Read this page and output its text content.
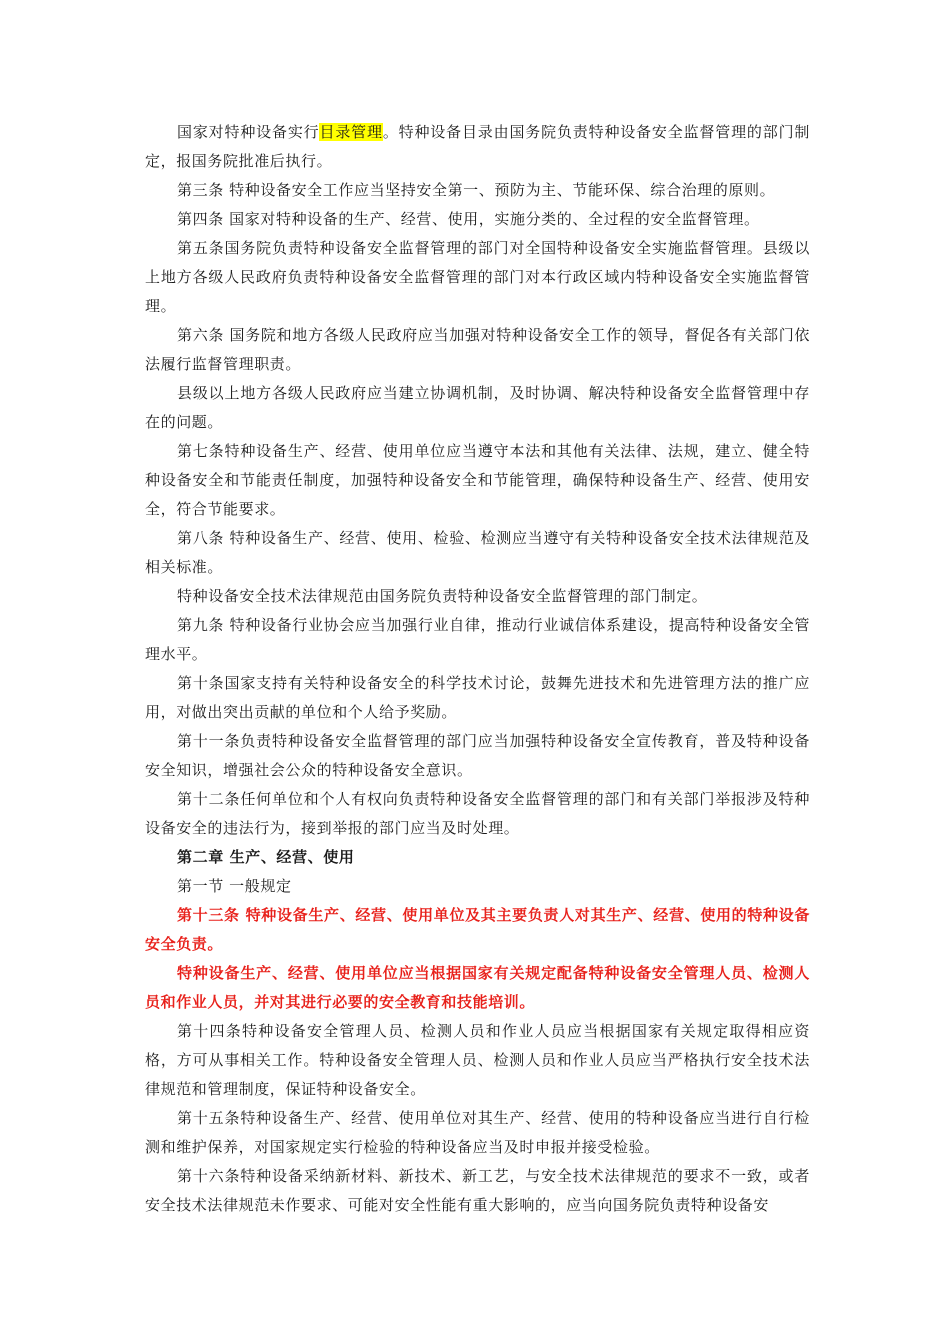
国家对特种设备实行目录管理。特种设备目录由国务院负责特种设备安全监督管理的部门制定，报国务院批准后执行。

第三条 特种设备安全工作应当坚持安全第一、预防为主、节能环保、综合治理的原则。

第四条 国家对特种设备的生产、经营、使用，实施分类的、全过程的安全监督管理。

第五条国务院负责特种设备安全监督管理的部门对全国特种设备安全实施监督管理。县级以上地方各级人民政府负责特种设备安全监督管理的部门对本行政区域内特种设备安全实施监督管理。

第六条 国务院和地方各级人民政府应当加强对特种设备安全工作的领导，督促各有关部门依法履行监督管理职责。

县级以上地方各级人民政府应当建立协调机制，及时协调、解决特种设备安全监督管理中存在的问题。

第七条特种设备生产、经营、使用单位应当遵守本法和其他有关法律、法规，建立、健全特种设备安全和节能责任制度，加强特种设备安全和节能管理，确保特种设备生产、经营、使用安全，符合节能要求。

第八条 特种设备生产、经营、使用、检验、检测应当遵守有关特种设备安全技术法律规范及相关标准。

特种设备安全技术法律规范由国务院负责特种设备安全监督管理的部门制定。

第九条 特种设备行业协会应当加强行业自律，推动行业诚信体系建设，提高特种设备安全管理水平。

第十条国家支持有关特种设备安全的科学技术讨论，鼓舞先进技术和先进管理方法的推广应用，对做出突出贡献的单位和个人给予奖励。

第十一条负责特种设备安全监督管理的部门应当加强特种设备安全宣传教育，普及特种设备安全知识，增强社会公众的特种设备安全意识。

第十二条任何单位和个人有权向负责特种设备安全监督管理的部门和有关部门举报涉及特种设备安全的违法行为，接到举报的部门应当及时处理。

第二章 生产、经营、使用

第一节 一般规定

第十三条 特种设备生产、经营、使用单位及其主要负责人对其生产、经营、使用的特种设备安全负责。

特种设备生产、经营、使用单位应当根据国家有关规定配备特种设备安全管理人员、检测人员和作业人员，并对其进行必要的安全教育和技能培训。

第十四条特种设备安全管理人员、检测人员和作业人员应当根据国家有关规定取得相应资格，方可从事相关工作。特种设备安全管理人员、检测人员和作业人员应当严格执行安全技术法律规范和管理制度，保证特种设备安全。

第十五条特种设备生产、经营、使用单位对其生产、经营、使用的特种设备应当进行自行检测和维护保养，对国家规定实行检验的特种设备应当及时申报并接受检验。

第十六条特种设备采纳新材料、新技术、新工艺，与安全技术法律规范的要求不一致，或者安全技术法律规范未作要求、可能对安全性能有重大影响的，应当向国务院负责特种设备安
